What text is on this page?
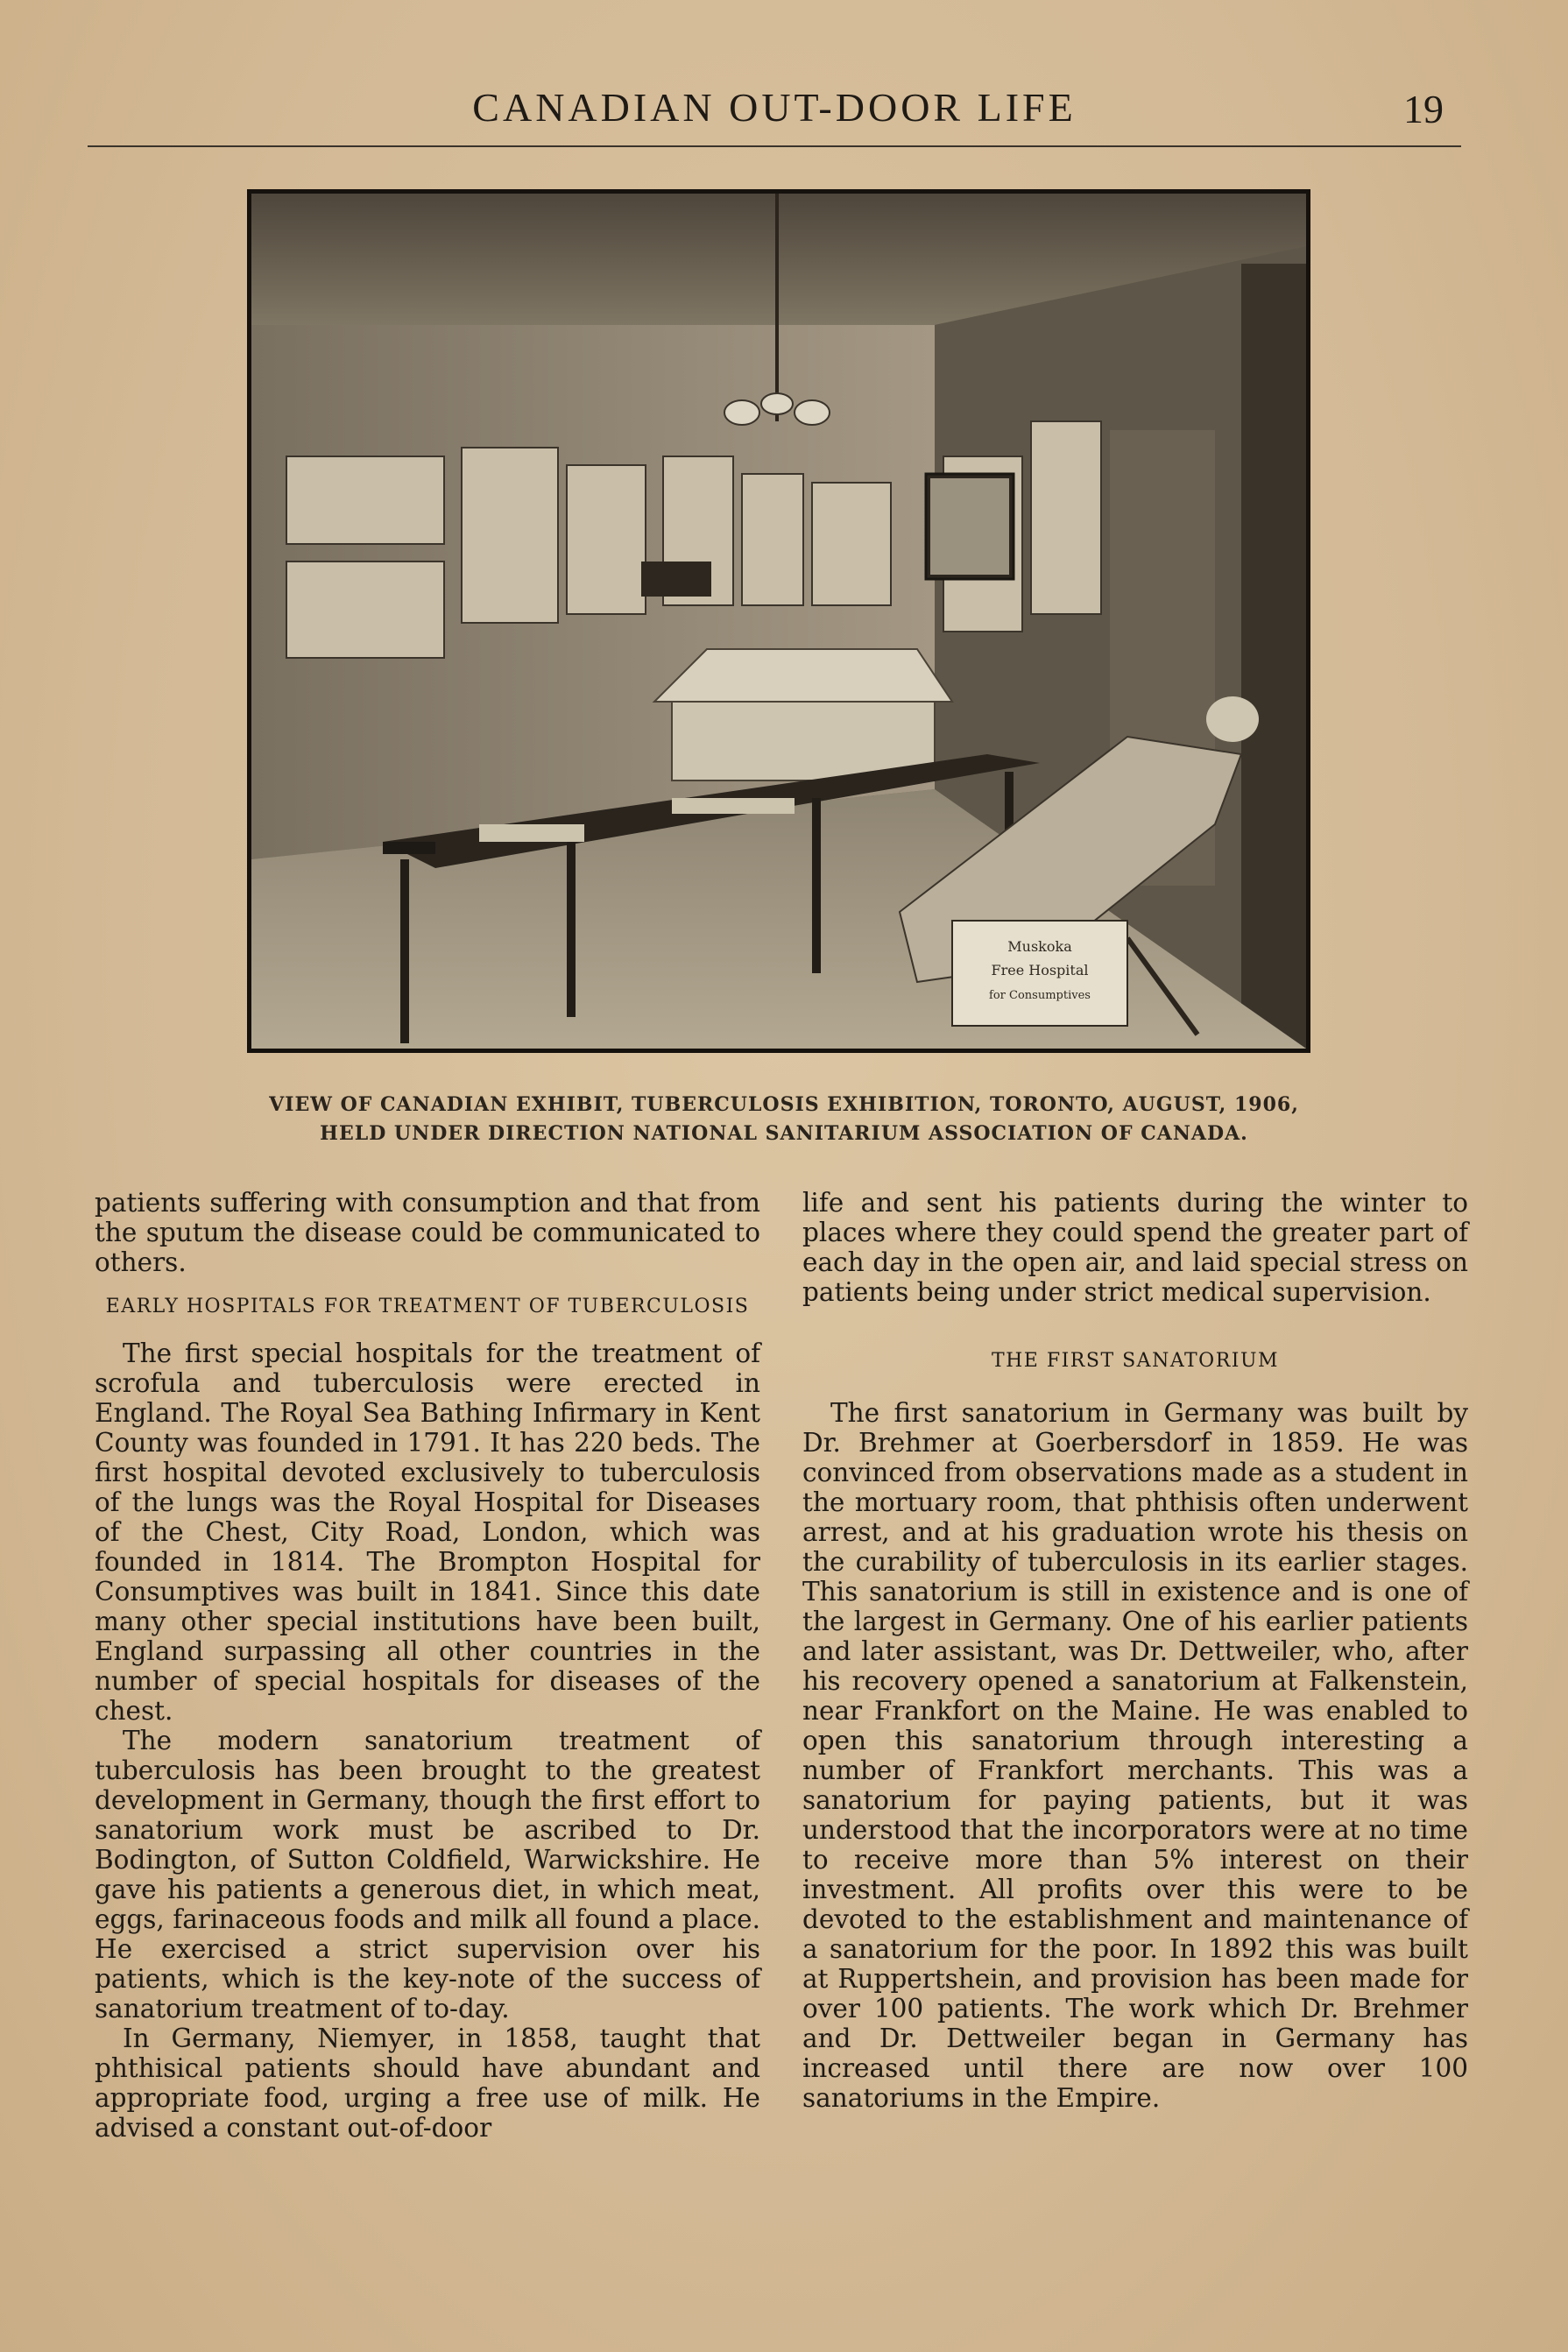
CANADIAN OUT-DOOR LIFE	19
Muskoka
Free Hospital
for Consumptives
VIEW OF CANADIAN EXHIBIT, TUBERCULOSIS EXHIBITION, TORONTO, AUGUST, 1906,
HELD UNDER DIRECTION NATIONAL SANITARIUM ASSOCIATION OF CANADA.

patients suffering with consumption and that from the sputum the disease could be communicated to others.

EARLY HOSPITALS FOR TREATMENT OF TUBERCULOSIS

The first special hospitals for the treatment of scrofula and tuberculosis were erected in England. The Royal Sea Bathing Infirmary in Kent County was founded in 1791. It has 220 beds. The first hospital devoted exclusively to tuberculosis of the lungs was the Royal Hospital for Diseases of the Chest, City Road, London, which was founded in 1814. The Brompton Hospital for Consumptives was built in 1841. Since this date many other special institutions have been built, England surpassing all other countries in the number of special hospitals for diseases of the chest.

The modern sanatorium treatment of tuberculosis has been brought to the greatest development in Germany, though the first effort to sanatorium work must be ascribed to Dr. Bodington, of Sutton Coldfield, Warwickshire. He gave his patients a generous diet, in which meat, eggs, farinaceous foods and milk all found a place. He exercised a strict supervision over his patients, which is the key-note of the success of sanatorium treatment of to-day.

In Germany, Niemyer, in 1858, taught that phthisical patients should have abundant and appropriate food, urging a free use of milk. He advised a constant out-of-door

life and sent his patients during the winter to places where they could spend the greater part of each day in the open air, and laid special stress on patients being under strict medical supervision.

THE FIRST SANATORIUM

The first sanatorium in Germany was built by Dr. Brehmer at Goerbersdorf in 1859. He was convinced from observations made as a student in the mortuary room, that phthisis often underwent arrest, and at his graduation wrote his thesis on the curability of tuberculosis in its earlier stages. This sanatorium is still in existence and is one of the largest in Germany. One of his earlier patients and later assistant, was Dr. Dettweiler, who, after his recovery opened a sanatorium at Falkenstein, near Frankfort on the Maine. He was enabled to open this sanatorium through interesting a number of Frankfort merchants. This was a sanatorium for paying patients, but it was understood that the incorporators were at no time to receive more than 5% interest on their investment. All profits over this were to be devoted to the establishment and maintenance of a sanatorium for the poor. In 1892 this was built at Ruppertshein, and provision has been made for over 100 patients. The work which Dr. Brehmer and Dr. Dettweiler began in Germany has increased until there are now over 100 sanatoriums in the Empire.
